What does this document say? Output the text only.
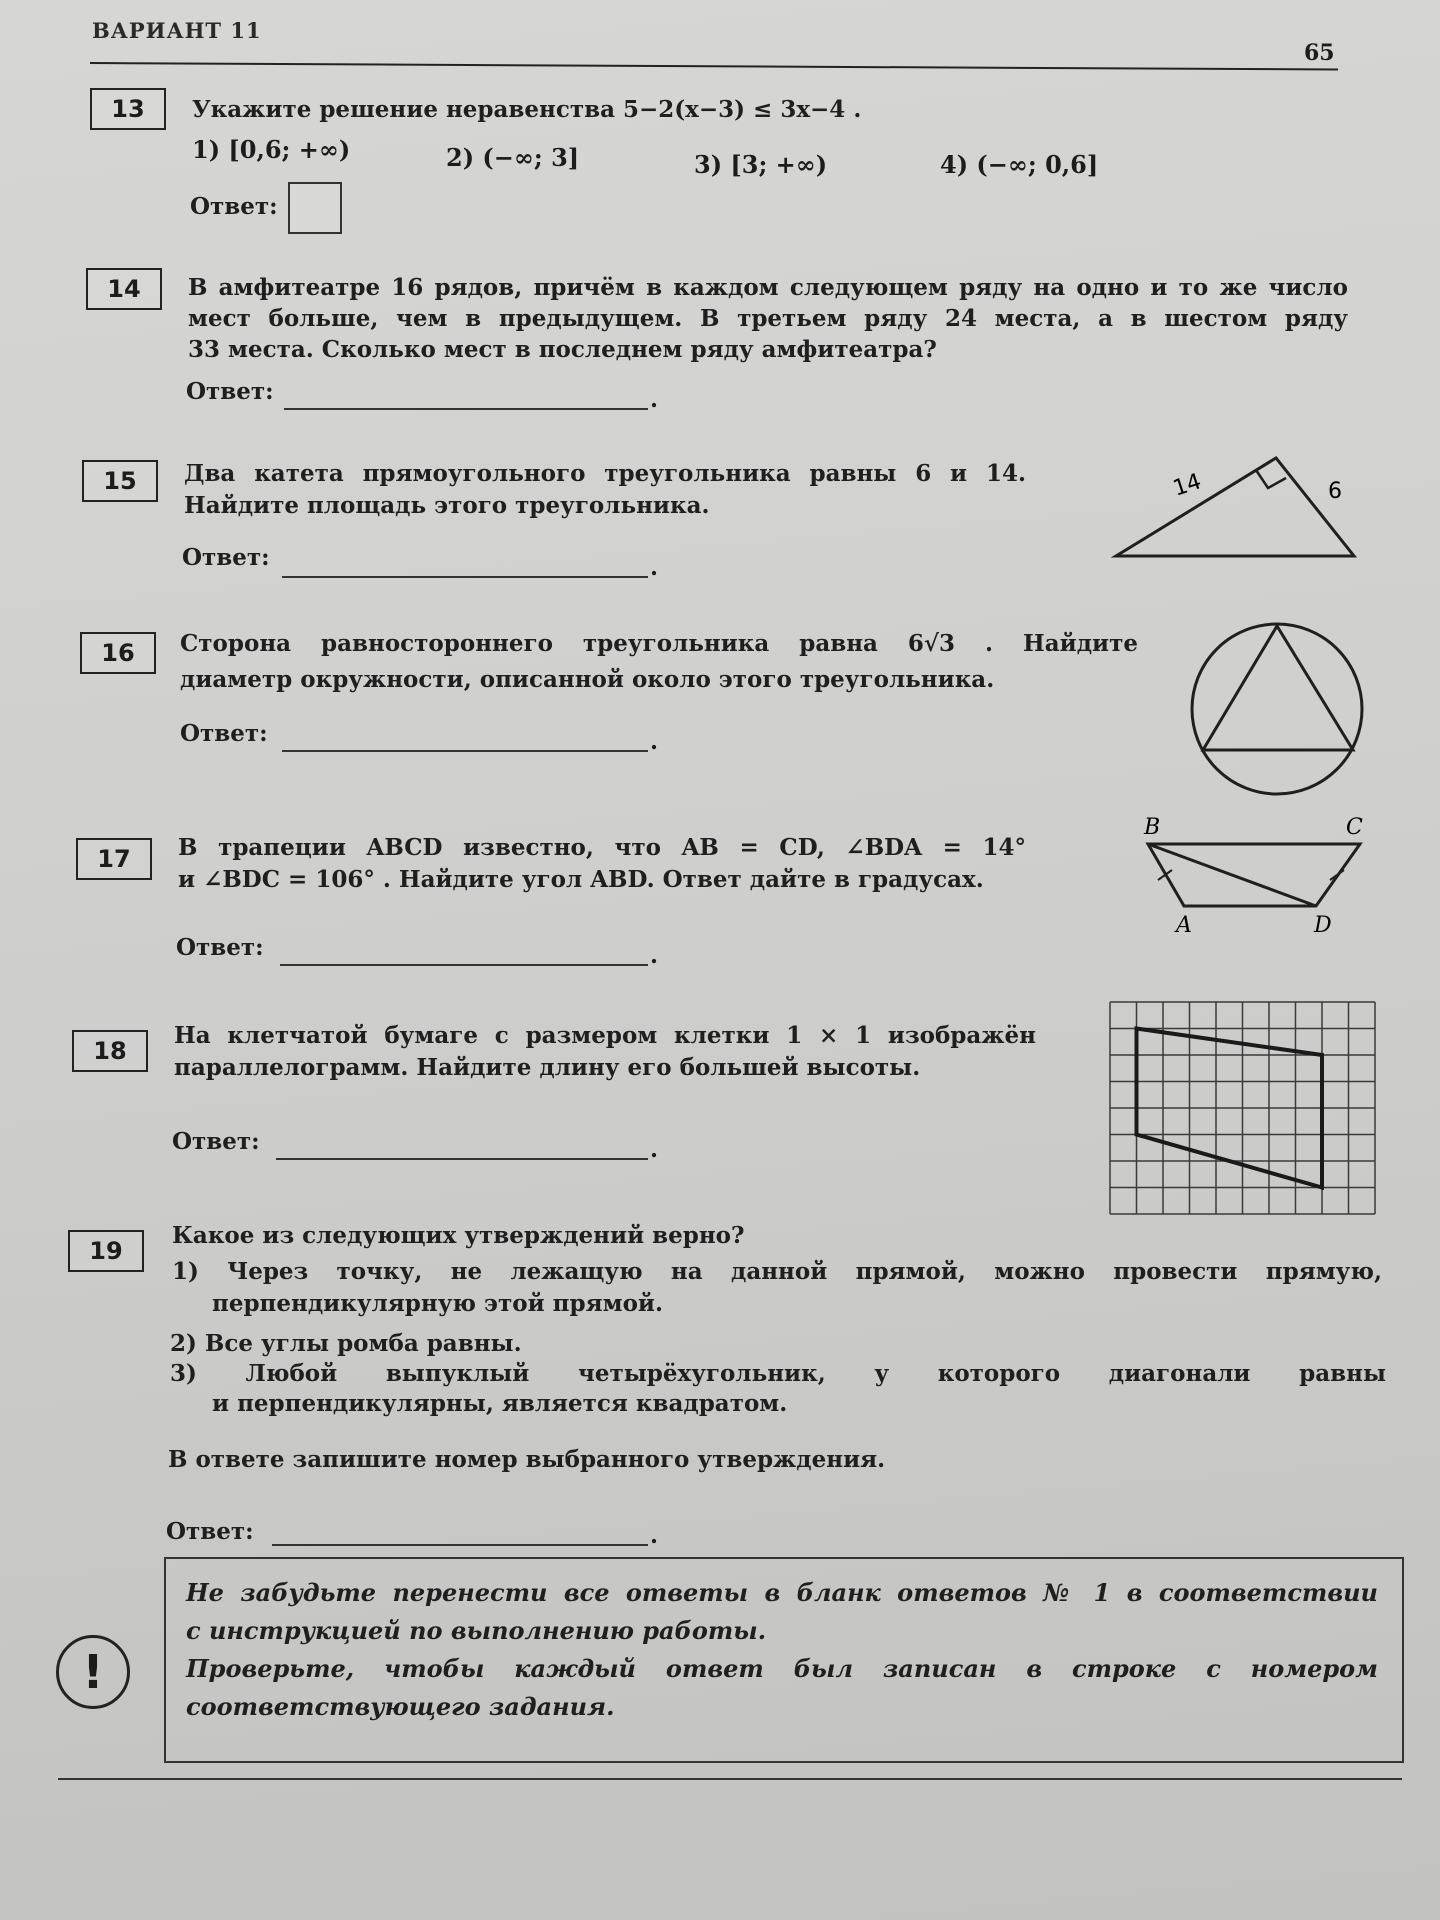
ВАРИАНТ 11
65
13	Укажите решение неравенства 5−2(x−3) ≤ 3x−4 .
1) [0,6; +∞)	2) (−∞; 3]	3) [3; +∞)	4) (−∞; 0,6]
Ответ:
14	В амфитеатре 16 рядов, причём в каждом следующем ряду на одно и то же число
мест больше, чем в предыдущем. В третьем ряду 24 места, а в шестом ряду
33 места. Сколько мест в последнем ряду амфитеатра?
Ответ:	.
15	Два катета прямоугольного треугольника равны 6 и 14.
Найдите площадь этого треугольника.
Ответ:	.
14	6
16	Сторона равностороннего треугольника равна 6√3 . Найдите
диаметр окружности, описанной около этого треугольника.
Ответ:	.
17	В трапеции ABCD известно, что AB = CD, ∠BDA = 14°
и ∠BDC = 106° . Найдите угол ABD. Ответ дайте в градусах.
Ответ:	.
B	C
A	D
18
На клетчатой бумаге с размером клетки 1 × 1 изображён
параллелограмм. Найдите длину его большей высоты.
Ответ:	.
19
Какое из следующих утверждений верно?
1) Через точку, не лежащую на данной прямой, можно провести прямую,
перпендикулярную этой прямой.
2) Все углы ромба равны.
3) Любой выпуклый четырёхугольник, у которого диагонали равны
и перпендикулярны, является квадратом.
В ответе запишите номер выбранного утверждения.
Ответ:	.
!
Не забудьте перенести все ответы в бланк ответов № 1 в соответствии
с инструкцией по выполнению работы.
Проверьте, чтобы каждый ответ был записан в строке с номером
соответствующего задания.
